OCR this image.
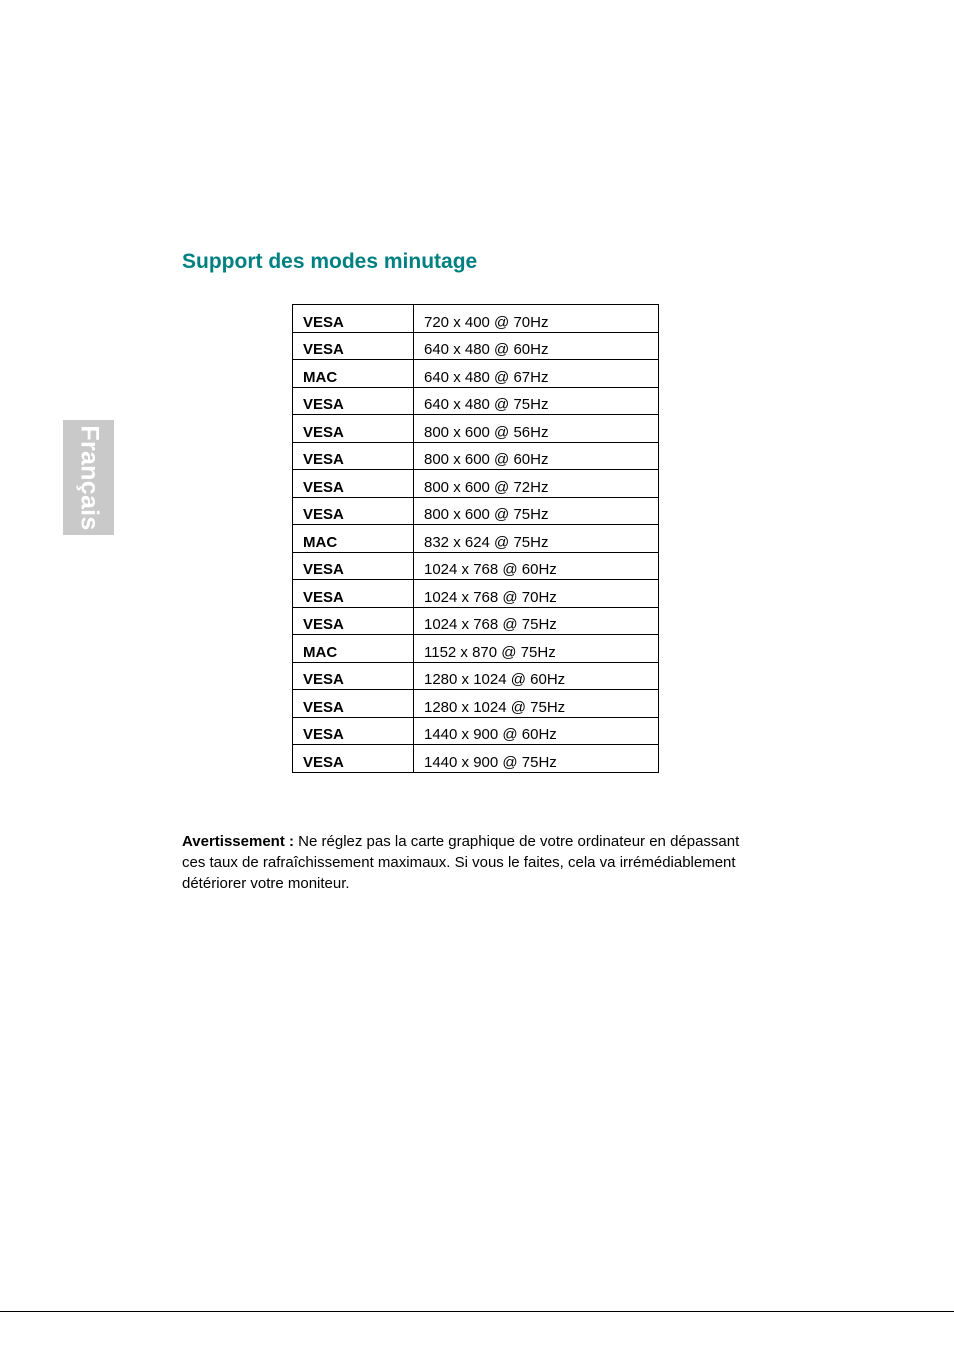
Français
Support des modes minutage
VESA	720 x 400 @ 70Hz
VESA	640 x 480 @ 60Hz
MAC	640 x 480 @ 67Hz
VESA	640 x 480 @ 75Hz
VESA	800 x 600 @ 56Hz
VESA	800 x 600 @ 60Hz
VESA	800 x 600 @ 72Hz
VESA	800 x 600 @ 75Hz
MAC	832 x 624 @ 75Hz
VESA	1024 x 768 @ 60Hz
VESA	1024 x 768 @ 70Hz
VESA	1024 x 768 @ 75Hz
MAC	1152 x 870 @ 75Hz
VESA	1280 x 1024 @ 60Hz
VESA	1280 x 1024 @ 75Hz
VESA	1440 x 900 @ 60Hz
VESA	1440 x 900 @ 75Hz

Avertissement : Ne réglez pas la carte graphique de votre ordinateur en dépassant ces taux de rafraîchissement maximaux. Si vous le faites, cela va irrémédiablement détériorer votre moniteur.
